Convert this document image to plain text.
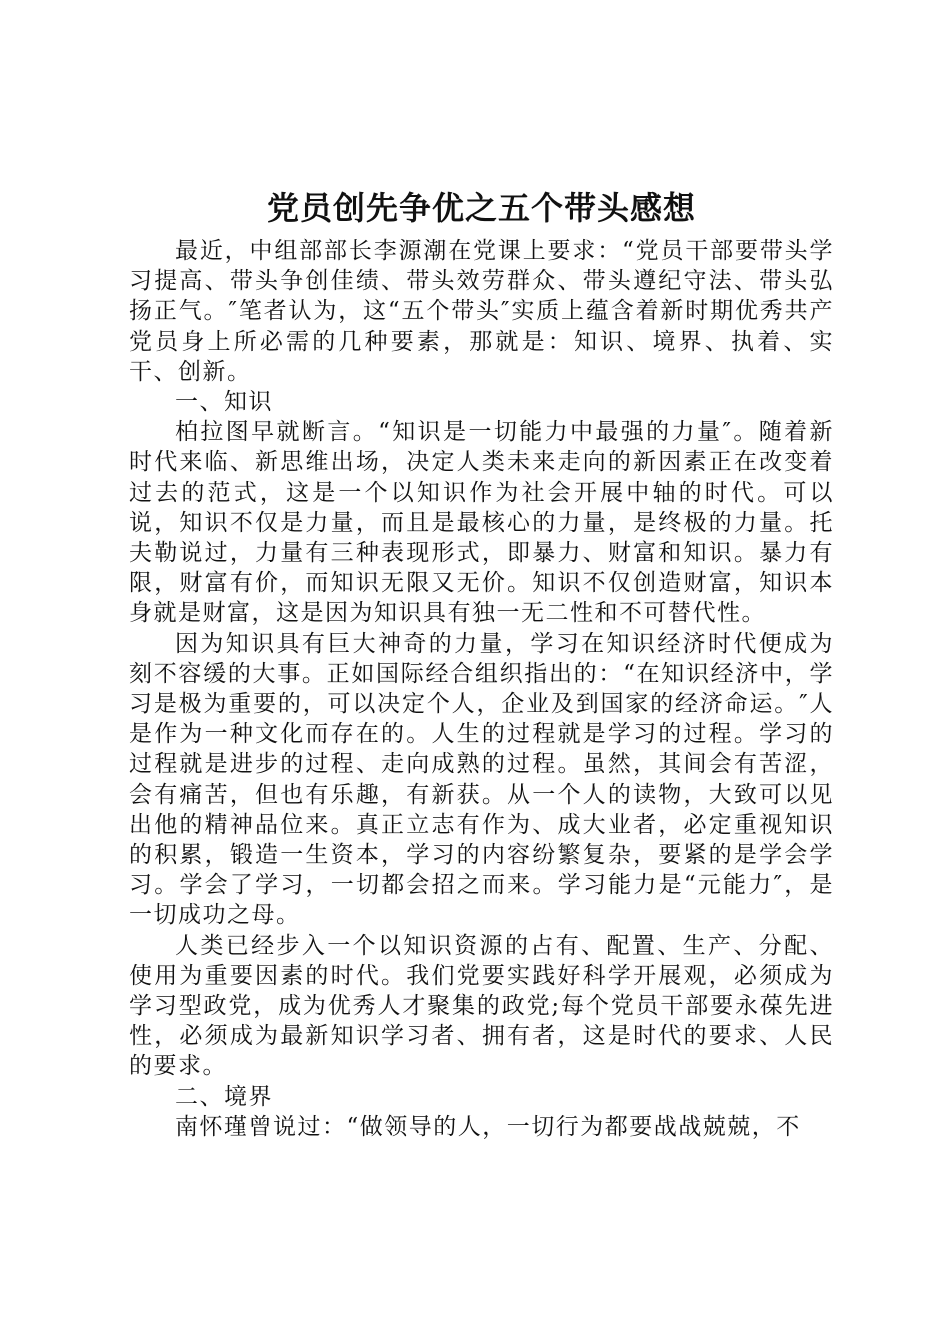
党员创先争优之五个带头感想

最近，中组部部长李源潮在党课上要求：“党员干部要带头学习提高、带头争创佳绩、带头效劳群众、带头遵纪守法、带头弘扬正气。″笔者认为，这“五个带头″实质上蕴含着新时期优秀共产党员身上所必需的几种要素，那就是：知识、境界、执着、实干、创新。

一、知识

柏拉图早就断言。“知识是一切能力中最强的力量″。随着新时代来临、新思维出场，决定人类未来走向的新因素正在改变着过去的范式，这是一个以知识作为社会开展中轴的时代。可以说，知识不仅是力量，而且是最核心的力量，是终极的力量。托夫勒说过，力量有三种表现形式，即暴力、财富和知识。暴力有限，财富有价，而知识无限又无价。知识不仅创造财富，知识本身就是财富，这是因为知识具有独一无二性和不可替代性。

因为知识具有巨大神奇的力量，学习在知识经济时代便成为刻不容缓的大事。正如国际经合组织指出的：“在知识经济中，学习是极为重要的，可以决定个人，企业及到国家的经济命运。″人是作为一种文化而存在的。人生的过程就是学习的过程。学习的过程就是进步的过程、走向成熟的过程。虽然，其间会有苦涩，会有痛苦，但也有乐趣，有新获。从一个人的读物，大致可以见出他的精神品位来。真正立志有作为、成大业者，必定重视知识的积累，锻造一生资本，学习的内容纷繁复杂，要紧的是学会学习。学会了学习，一切都会招之而来。学习能力是“元能力″，是一切成功之母。

人类已经步入一个以知识资源的占有、配置、生产、分配、使用为重要因素的时代。我们党要实践好科学开展观，必须成为学习型政党，成为优秀人才聚集的政党;每个党员干部要永葆先进性，必须成为最新知识学习者、拥有者，这是时代的要求、人民的要求。

二、境界

南怀瑾曾说过：“做领导的人，一切行为都要战战兢兢，不
